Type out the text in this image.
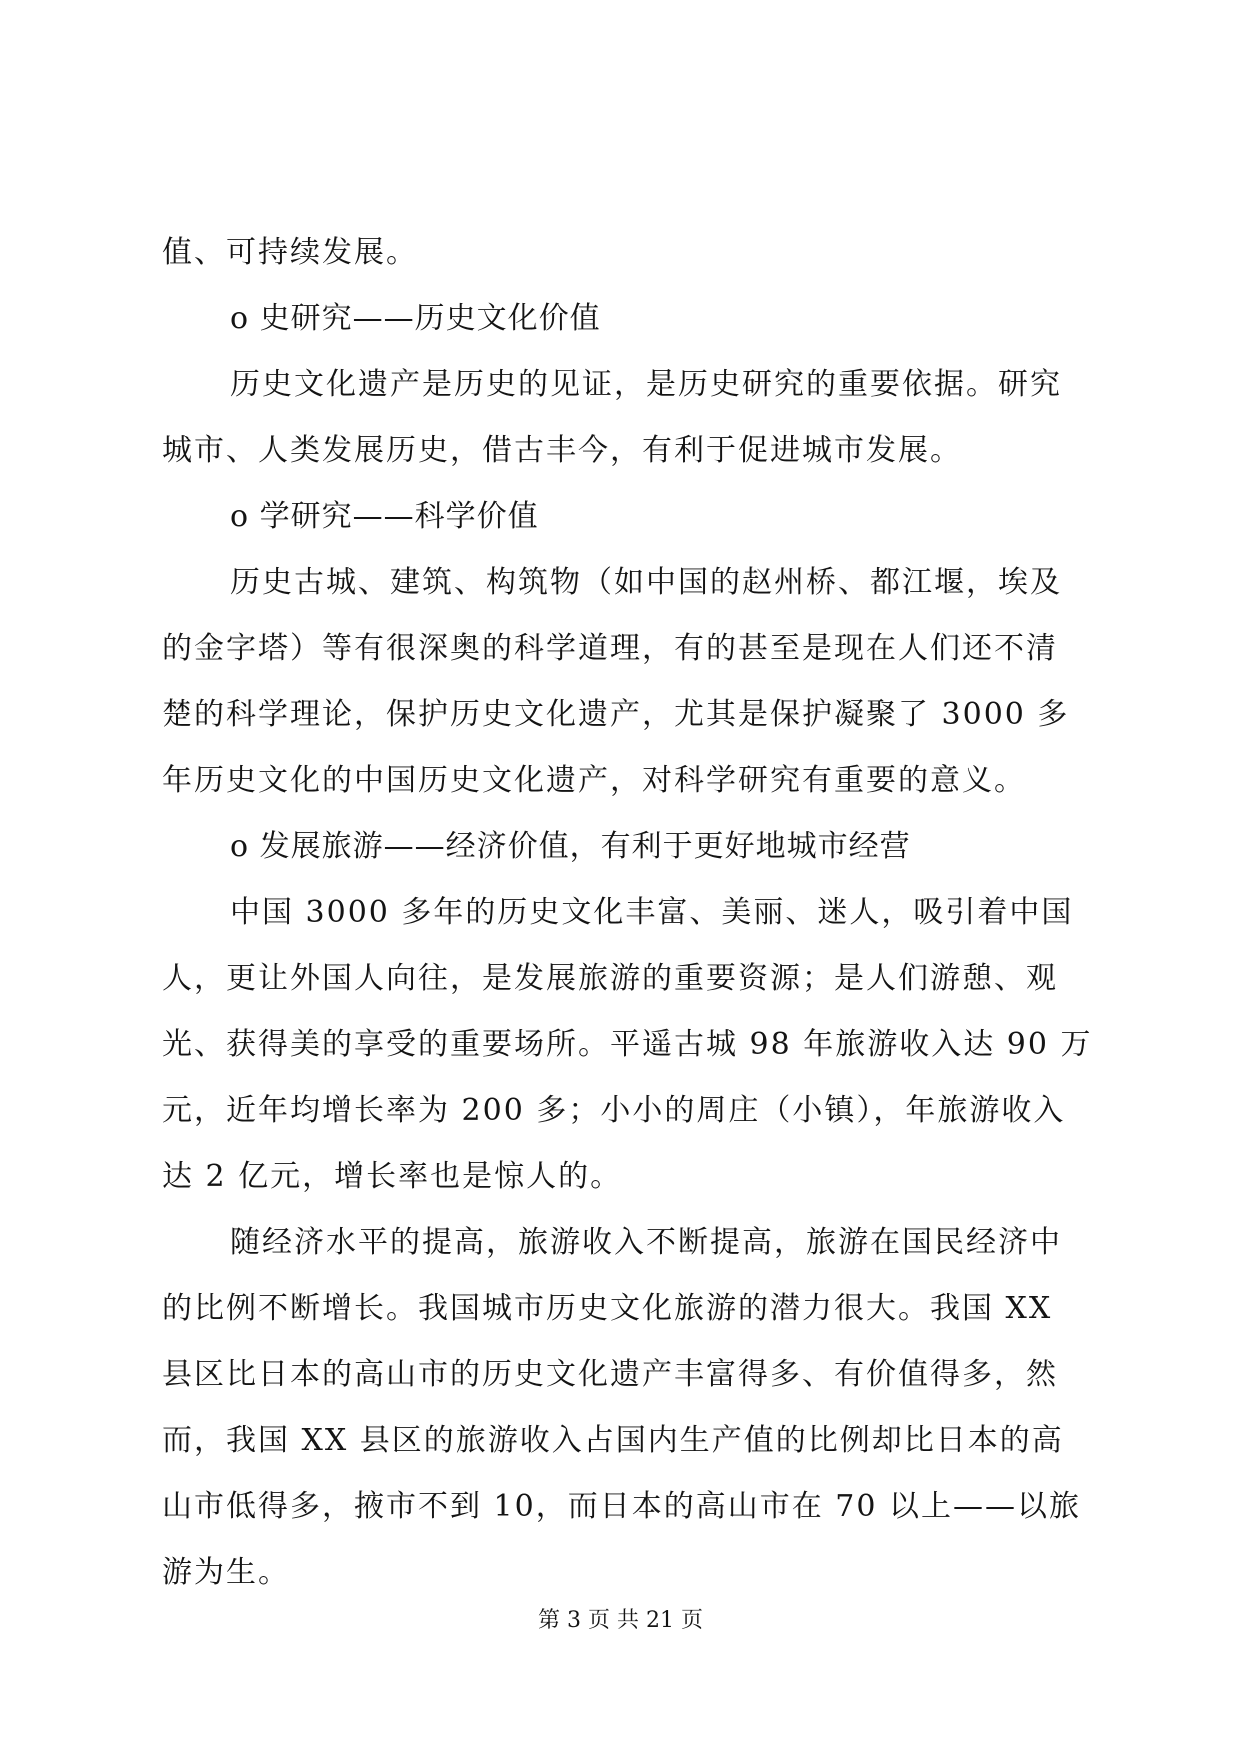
值、可持续发展。
o 史研究——历史文化价值
历史文化遗产是历史的见证，是历史研究的重要依据。研究
城市、人类发展历史，借古丰今，有利于促进城市发展。
o 学研究——科学价值
历史古城、建筑、构筑物（如中国的赵州桥、都江堰，埃及
的金字塔）等有很深奥的科学道理，有的甚至是现在人们还不清
楚的科学理论，保护历史文化遗产，尤其是保护凝聚了 3000 多
年历史文化的中国历史文化遗产，对科学研究有重要的意义。
o 发展旅游——经济价值，有利于更好地城市经营
中国 3000 多年的历史文化丰富、美丽、迷人，吸引着中国
人，更让外国人向往，是发展旅游的重要资源；是人们游憩、观
光、获得美的享受的重要场所。平遥古城 98 年旅游收入达 90 万
元，近年均增长率为 200 多；小小的周庄（小镇），年旅游收入
达 2 亿元，增长率也是惊人的。
随经济水平的提高，旅游收入不断提高，旅游在国民经济中
的比例不断增长。我国城市历史文化旅游的潜力很大。我国 XX
县区比日本的高山市的历史文化遗产丰富得多、有价值得多，然
而，我国 XX 县区的旅游收入占国内生产值的比例却比日本的高
山市低得多，掖市不到 10，而日本的高山市在 70 以上——以旅
游为生。
第 3 页 共 21 页
